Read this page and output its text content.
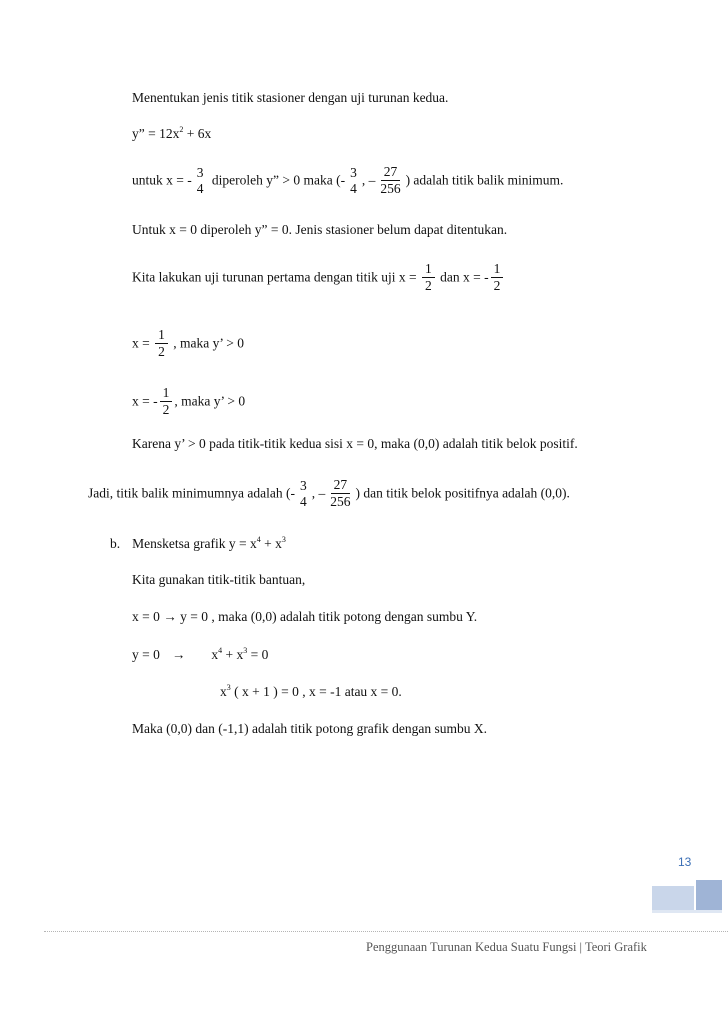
Menentukan jenis titik stasioner dengan uji turunan kedua.
y” = $12x^2 + 6x$
untuk x = -
3
4
diperoleh y” > 0 maka (-
3
4
, – $\frac{27}{256}$ ) adalah titik balik minimum.
Untuk x = 0 diperoleh y” = 0. Jenis stasioner belum dapat ditentukan.
Kita lakukan uji turunan pertama dengan titik uji $x = \frac{1}{2}$ dan x = - $\frac{1}{2}$
$x = \frac{1}{2}$ , maka y’ > 0
x = - $\frac{1}{2}$ , maka y’ > 0
Karena y’ > 0 pada titik-titik kedua sisi x = 0, maka (0,0) adalah titik belok positif.
Jadi, titik balik minimumnya adalah (-
3
4
, – $\frac{27}{256}$ ) dan titik belok positifnya adalah (0,0).
b. Mensketsa grafik $y = x^4 + x^3$
Kita gunakan titik-titik bantuan,
x = 0 → y = 0 , maka (0,0) adalah titik potong dengan sumbu Y.
$y = 0 \to x^4 + x^3 = 0$
$x^3$ ( x + 1 ) = 0 , x = -1 atau x = 0.
Maka (0,0) dan (-1,1) adalah titik potong grafik dengan sumbu X.
13
Penggunaan Turunan Kedua Suatu Fungsi | Teori Grafik
